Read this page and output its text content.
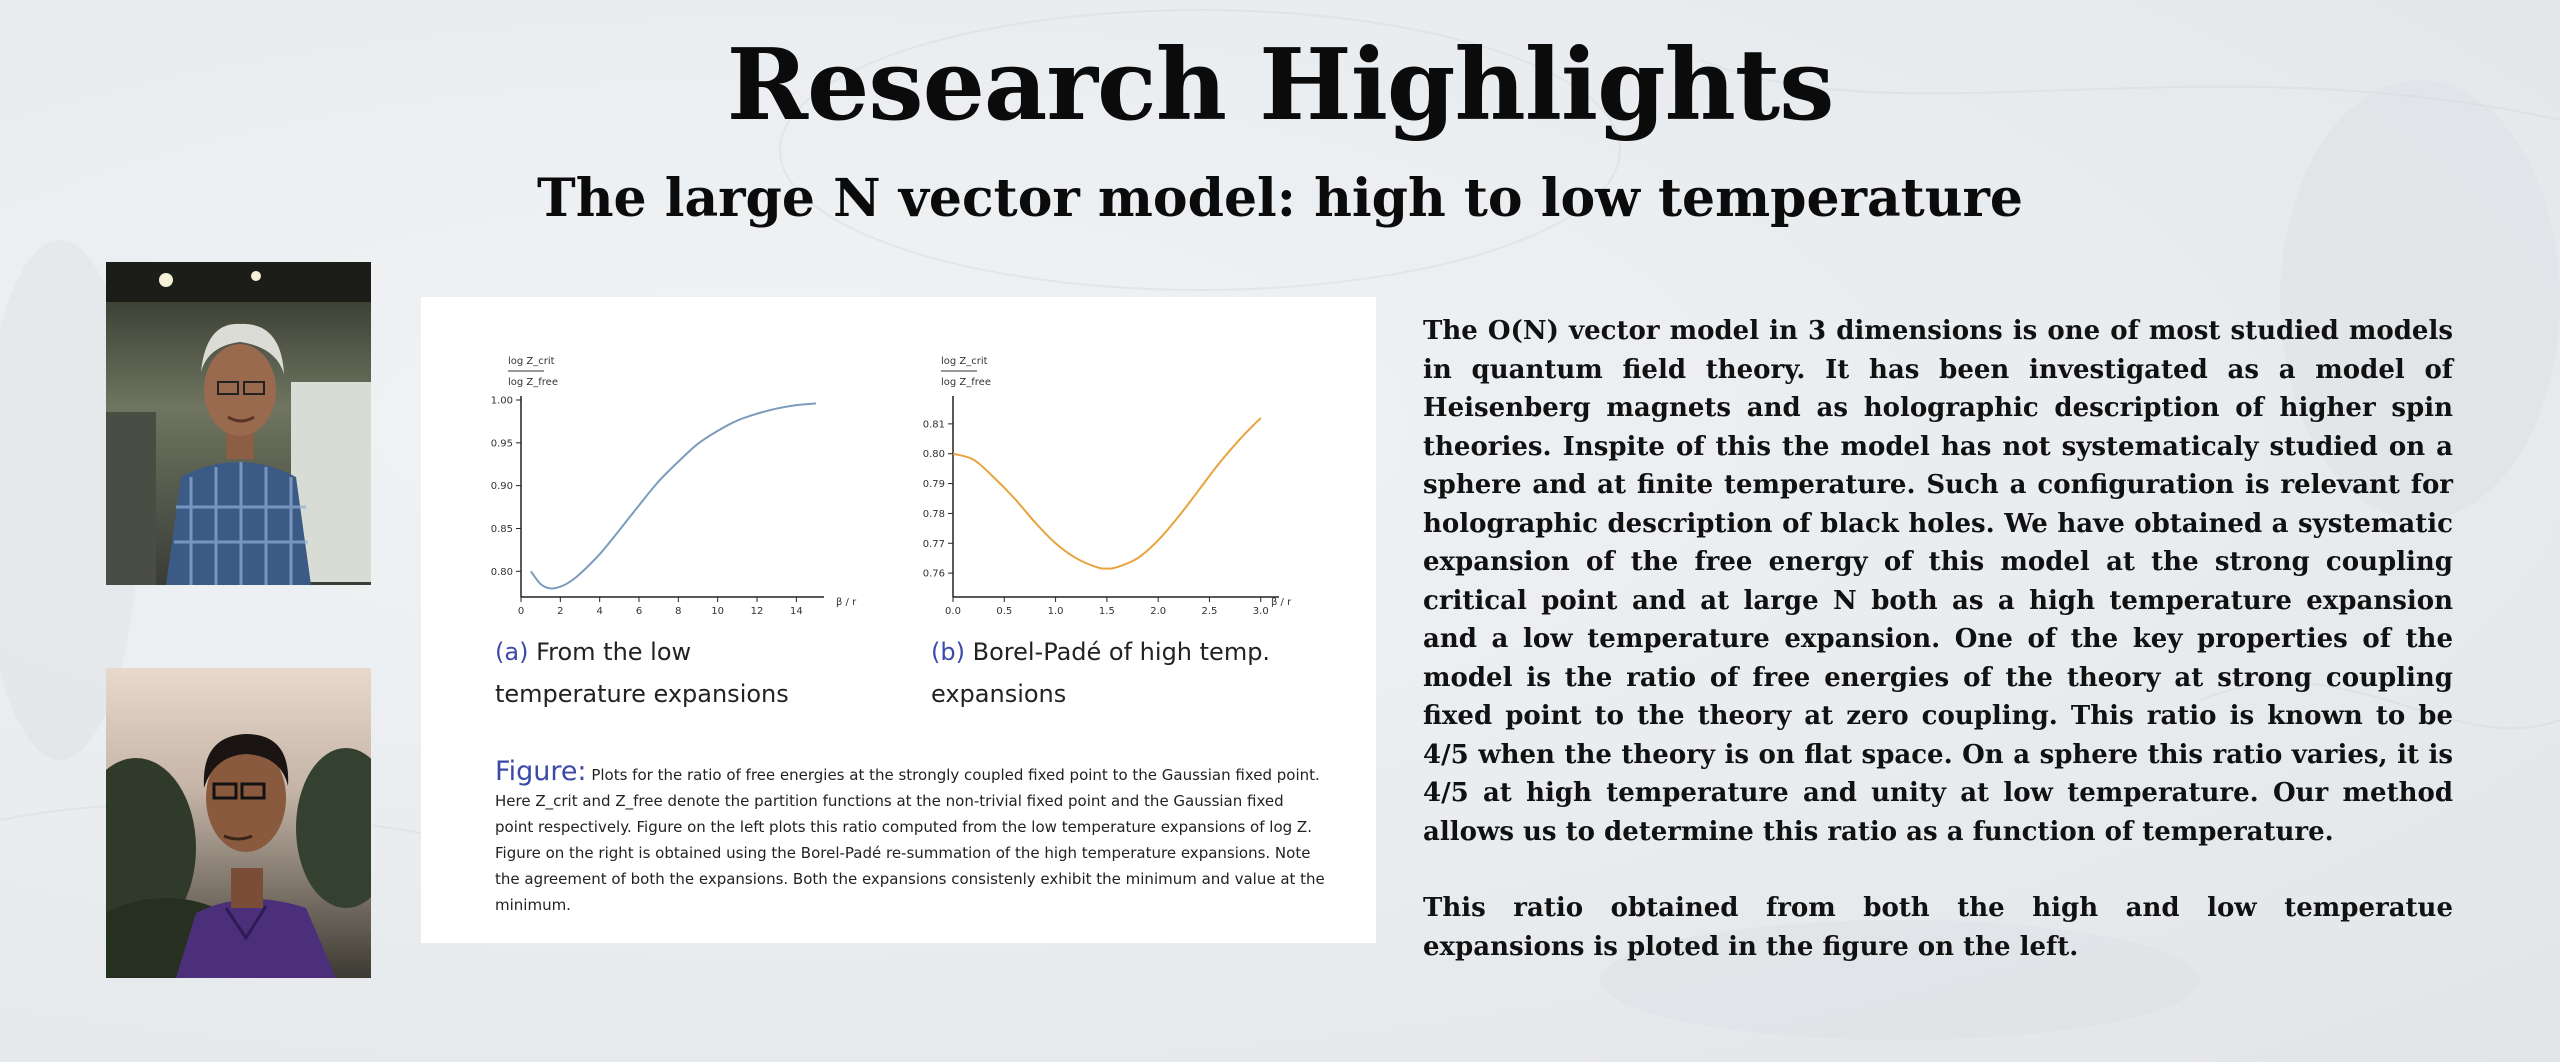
Research Highlights
The large N vector model: high to low temperature
log Z_crit
log Z_free
β / r
0	2	4	6	8	10	12	14
0.80
0.85
0.90
0.95
1.00
log Z_crit
log Z_free
β / r
0.0	0.5	1.0	1.5	2.0	2.5	3.0
0.76
0.77
0.78
0.79
0.80
0.81
(a) From the low temperature expansions
(b) Borel-Padé of high temp. expansions
Figure: Plots for the ratio of free energies at the strongly coupled fixed point to the Gaussian fixed point. Here Z_crit and Z_free denote the partition functions at the non-trivial fixed point and the Gaussian fixed point respectively. Figure on the left plots this ratio computed from the low temperature expansions of log Z. Figure on the right is obtained using the Borel-Padé re-summation of the high temperature expansions. Note the agreement of both the expansions. Both the expansions consistenly exhibit the minimum and value at the minimum.

The O(N) vector model in 3 dimensions is one of most studied models in quantum field theory. It has been investigated as a model of Heisenberg magnets and as holographic description of higher spin theories. Inspite of this the model has not systematicaly studied on a sphere and at finite temperature. Such a configuration is relevant for holographic description of black holes. We have obtained a systematic expansion of the free energy of this model at the strong coupling critical point and at large N both as a high temperature expansion and a low temperature expansion. One of the key properties of the model is the ratio of free energies of the theory at strong coupling fixed point to the theory at zero coupling. This ratio is known to be 4/5 when the theory is on flat space. On a sphere this ratio varies, it is 4/5 at high temperature and unity at low temperature. Our method allows us to determine this ratio as a function of temperature.

This ratio obtained from both the high and low temperatue expansions is ploted in the figure on the left.
